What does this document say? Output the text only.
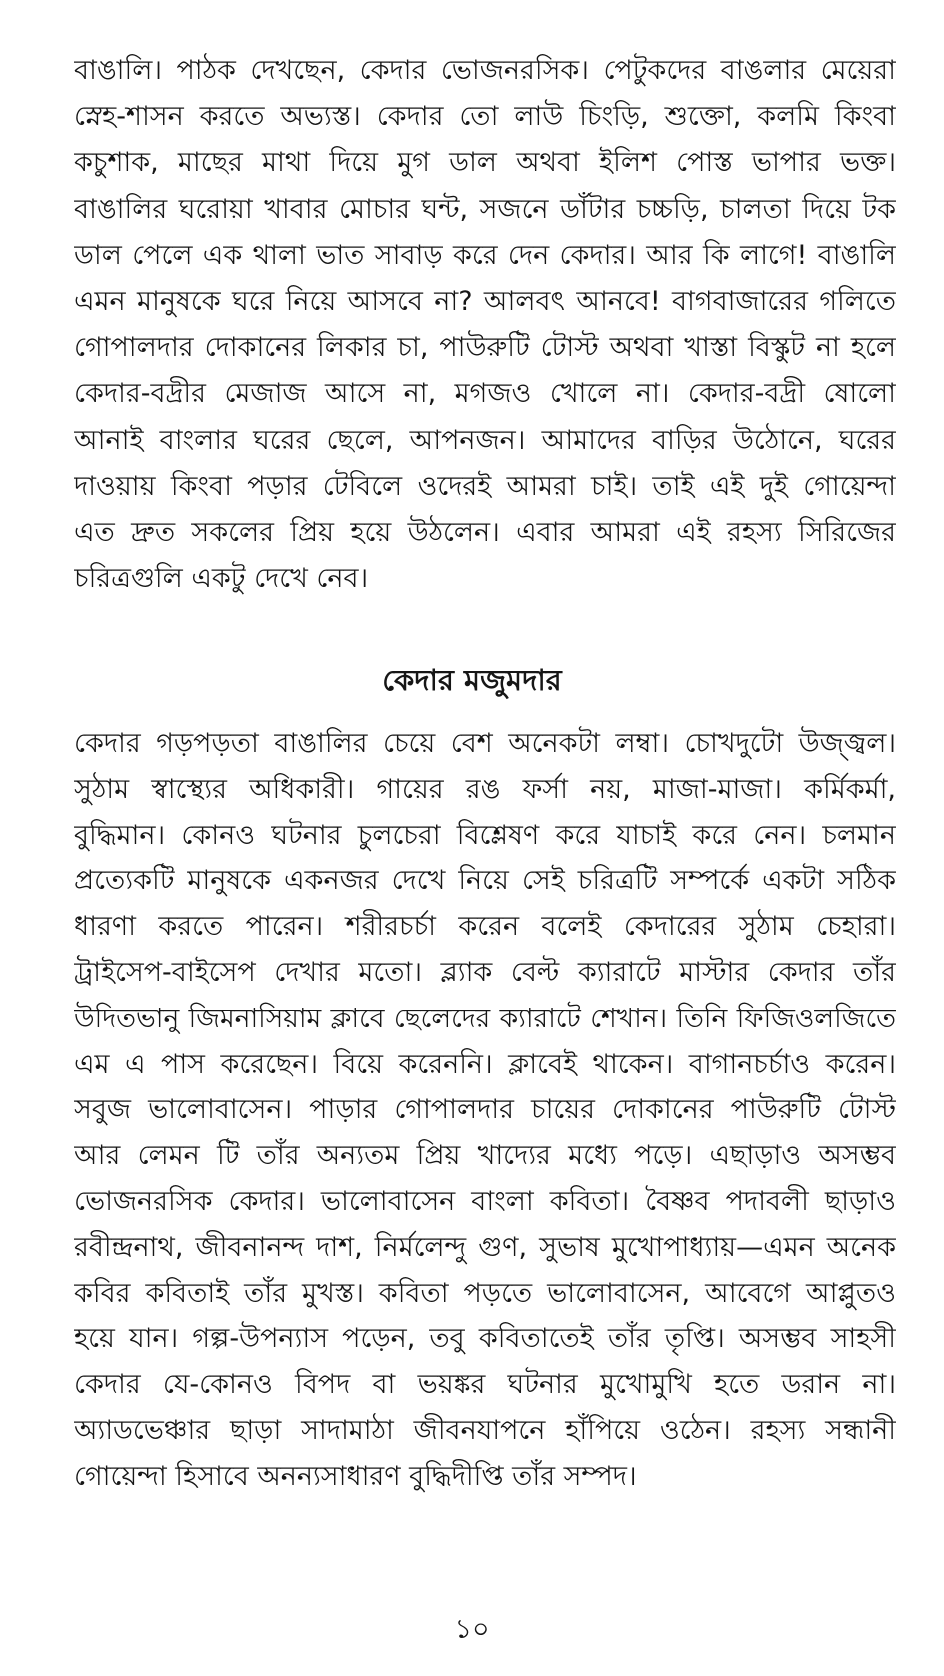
বাঙালি। পাঠক দেখছেন, কেদার ভোজনরসিক। পেটুকদের বাঙলার মেয়েরা
স্নেহ-শাসন করতে অভ্যস্ত। কেদার তো লাউ চিংড়ি, শুক্তো, কলমি কিংবা
কচুশাক, মাছের মাথা দিয়ে মুগ ডাল অথবা ইলিশ পোস্ত ভাপার ভক্ত।
বাঙালির ঘরোয়া খাবার মোচার ঘন্ট, সজনে ডাঁটার চচ্চড়ি, চালতা দিয়ে টক
ডাল পেলে এক থালা ভাত সাবাড় করে দেন কেদার। আর কি লাগে! বাঙালি
এমন মানুষকে ঘরে নিয়ে আসবে না? আলবৎ আনবে! বাগবাজারের গলিতে
গোপালদার দোকানের লিকার চা, পাউরুটি টোস্ট অথবা খাস্তা বিস্কুট না হলে
কেদার-বদ্রীর মেজাজ আসে না, মগজও খোলে না। কেদার-বদ্রী ষোলো
আনাই বাংলার ঘরের ছেলে, আপনজন। আমাদের বাড়ির উঠোনে, ঘরের
দাওয়ায় কিংবা পড়ার টেবিলে ওদেরই আমরা চাই। তাই এই দুই গোয়েন্দা
এত দ্রুত সকলের প্রিয় হয়ে উঠলেন। এবার আমরা এই রহস্য সিরিজের
চরিত্রগুলি একটু দেখে নেব।
কেদার মজুমদার
কেদার গড়পড়তা বাঙালির চেয়ে বেশ অনেকটা লম্বা। চোখদুটো উজ্জ্বল।
সুঠাম স্বাস্থ্যের অধিকারী। গায়ের রঙ ফর্সা নয়, মাজা-মাজা। কর্মিকর্মা,
বুদ্ধিমান। কোনও ঘটনার চুলচেরা বিশ্লেষণ করে যাচাই করে নেন। চলমান
প্রত্যেকটি মানুষকে একনজর দেখে নিয়ে সেই চরিত্রটি সম্পর্কে একটা সঠিক
ধারণা করতে পারেন। শরীরচর্চা করেন বলেই কেদারের সুঠাম চেহারা।
ট্রাইসেপ-বাইসেপ দেখার মতো। ব্ল্যাক বেল্ট ক্যারাটে মাস্টার কেদার তাঁর
উদিতভানু জিমনাসিয়াম ক্লাবে ছেলেদের ক্যারাটে শেখান। তিনি ফিজিওলজিতে
এম এ পাস করেছেন। বিয়ে করেননি। ক্লাবেই থাকেন। বাগানচর্চাও করেন।
সবুজ ভালোবাসেন। পাড়ার গোপালদার চায়ের দোকানের পাউরুটি টোস্ট
আর লেমন টি তাঁর অন্যতম প্রিয় খাদ্যের মধ্যে পড়ে। এছাড়াও অসম্ভব
ভোজনরসিক কেদার। ভালোবাসেন বাংলা কবিতা। বৈষ্ণব পদাবলী ছাড়াও
রবীন্দ্রনাথ, জীবনানন্দ দাশ, নির্মলেন্দু গুণ, সুভাষ মুখোপাধ্যায়—এমন অনেক
কবির কবিতাই তাঁর মুখস্ত। কবিতা পড়তে ভালোবাসেন, আবেগে আপ্লুতও
হয়ে যান। গল্প-উপন্যাস পড়েন, তবু কবিতাতেই তাঁর তৃপ্তি। অসম্ভব সাহসী
কেদার যে-কোনও বিপদ বা ভয়ঙ্কর ঘটনার মুখোমুখি হতে ডরান না।
অ্যাডভেঞ্চার ছাড়া সাদামাঠা জীবনযাপনে হাঁপিয়ে ওঠেন। রহস্য সন্ধানী
গোয়েন্দা হিসাবে অনন্যসাধারণ বুদ্ধিদীপ্তি তাঁর সম্পদ।
১০
